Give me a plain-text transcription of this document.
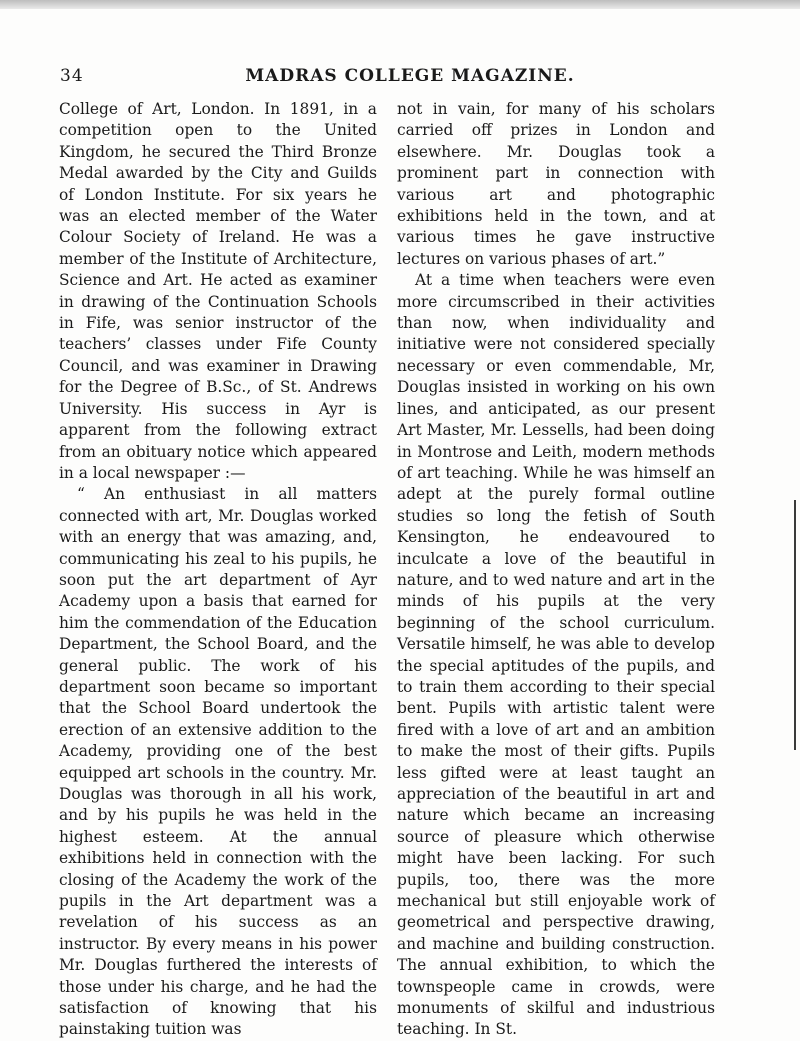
34	MADRAS COLLEGE MAGAZINE.

College of Art, London. In 1891, in a competition open to the United Kingdom, he secured the Third Bronze Medal awarded by the City and Guilds of London Institute. For six years he was an elected member of the Water Colour Society of Ireland. He was a member of the Institute of Architecture, Science and Art. He acted as examiner in drawing of the Continuation Schools in Fife, was senior instructor of the teachers’ classes under Fife County Council, and was examiner in Drawing for the Degree of B.Sc., of St. Andrews University. His success in Ayr is apparent from the following extract from an obituary notice which appeared in a local newspaper :—

“ An enthusiast in all matters connected with art, Mr. Douglas worked with an energy that was amazing, and, communicating his zeal to his pupils, he soon put the art department of Ayr Academy upon a basis that earned for him the commendation of the Education Department, the School Board, and the general public. The work of his department soon became so important that the School Board undertook the erection of an extensive addition to the Academy, providing one of the best equipped art schools in the country. Mr. Douglas was thorough in all his work, and by his pupils he was held in the highest esteem. At the annual exhibitions held in connection with the closing of the Academy the work of the pupils in the Art department was a revelation of his success as an instructor. By every means in his power Mr. Douglas furthered the interests of those under his charge, and he had the satisfaction of knowing that his painstaking tuition was

not in vain, for many of his scholars carried off prizes in London and elsewhere. Mr. Douglas took a prominent part in connection with various art and photographic exhibitions held in the town, and at various times he gave instructive lectures on various phases of art.”

At a time when teachers were even more circumscribed in their activities than now, when individuality and initiative were not considered specially necessary or even commendable, Mr, Douglas insisted in working on his own lines, and anticipated, as our present Art Master, Mr. Lessells, had been doing in Montrose and Leith, modern methods of art teaching. While he was himself an adept at the purely formal outline studies so long the fetish of South Kensington, he endeavoured to inculcate a love of the beautiful in nature, and to wed nature and art in the minds of his pupils at the very beginning of the school curriculum. Versatile himself, he was able to develop the special aptitudes of the pupils, and to train them according to their special bent. Pupils with artistic talent were fired with a love of art and an ambition to make the most of their gifts. Pupils less gifted were at least taught an appreciation of the beautiful in art and nature which became an increasing source of pleasure which otherwise might have been lacking. For such pupils, too, there was the more mechanical but still enjoyable work of geometrical and perspective drawing, and machine and building construction. The annual exhibition, to which the townspeople came in crowds, were monuments of skilful and industrious teaching. In St.
